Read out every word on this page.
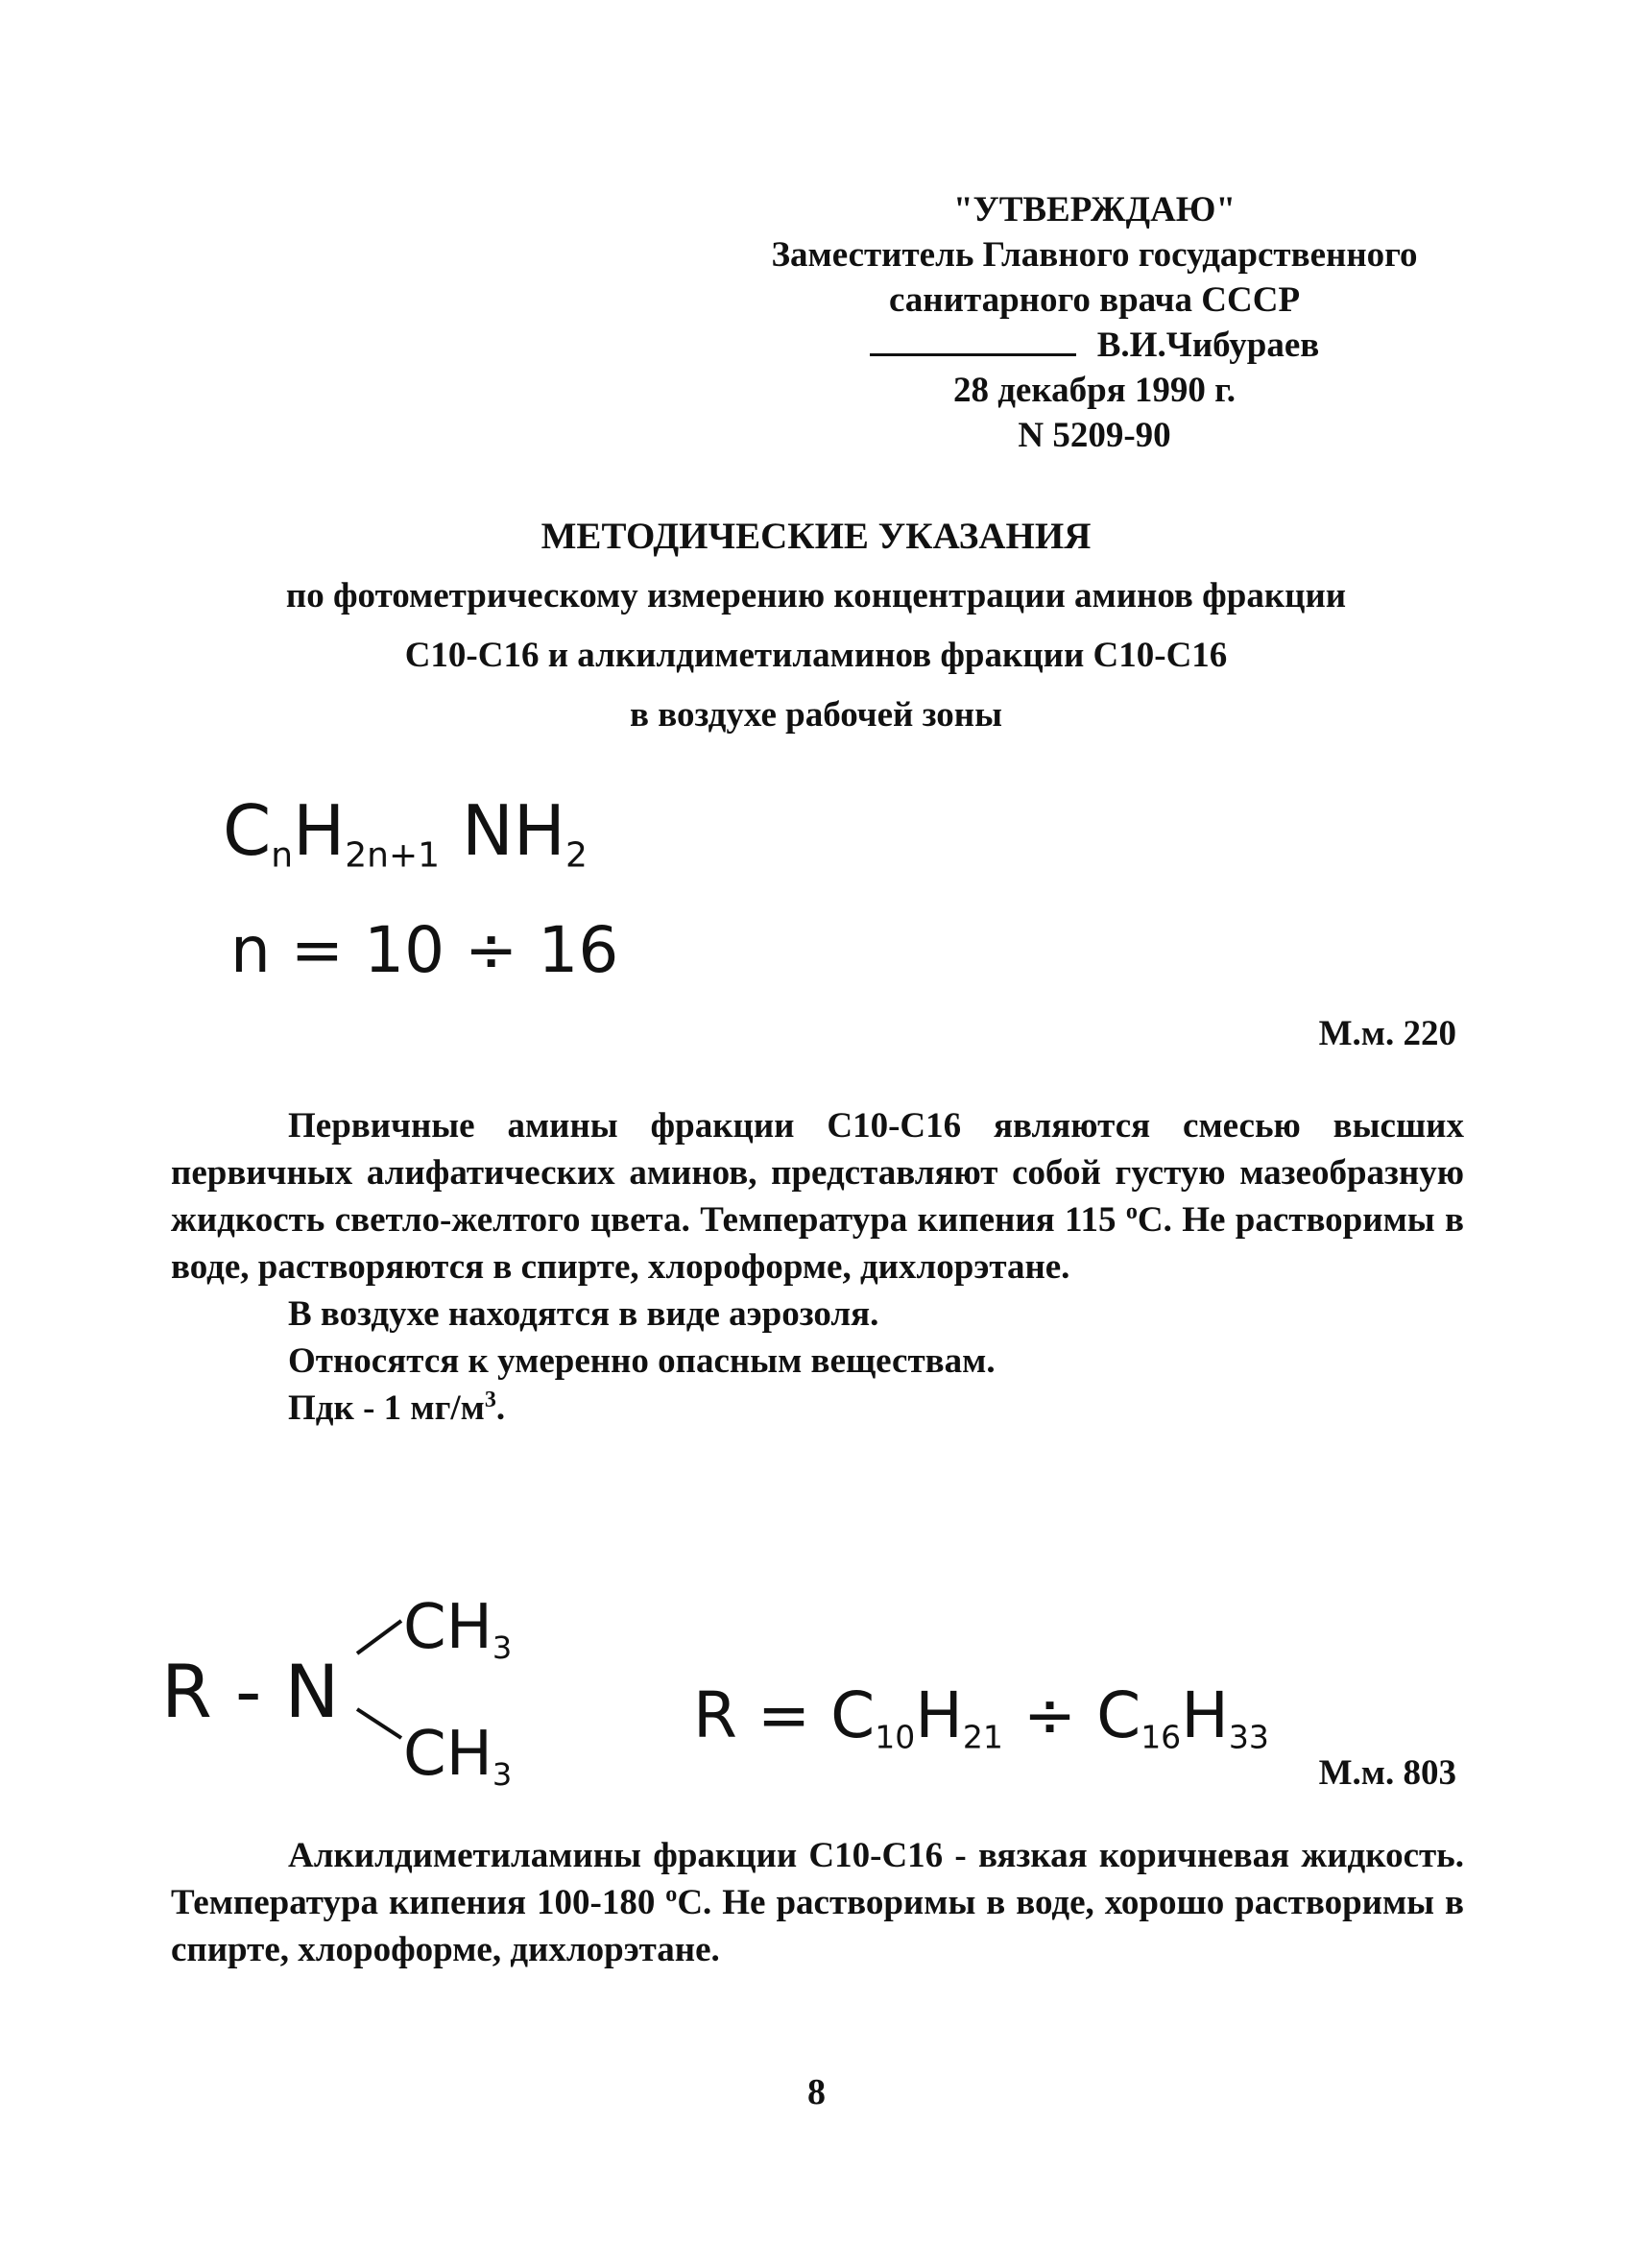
"УТВЕРЖДАЮ"
Заместитель Главного государственного
санитарного врача СССР
В.И.Чибураев
28 декабря 1990 г.
N 5209-90
МЕТОДИЧЕСКИЕ УКАЗАНИЯ
по фотометрическому измерению концентрации аминов фракции
C10-C16 и алкилдиметиламинов фракции C10-C16
в воздухе рабочей зоны
$C_nH_{2n+1}$ $NH_2$
n = 10 ÷ 16
М.м. 220

Первичные амины фракции C10-C16 являются смесью высших первичных алифатических аминов, представляют собой густую мазеобразную жидкость светло-желтого цвета. Температура кипения 115 $^o$С. Не растворимы в воде, растворяются в спирте, хлороформе, дихлорэтане.

В воздухе находятся в виде аэрозоля.

Относятся к умеренно опасным веществам.

Пдк - 1 $мг/м^3$.

R - N
$CH_3$
$CH_3$
$R = C_{10}H_{21} \div C_{16}H_{33}$
М.м. 803

Алкилдиметиламины фракции C10-C16 - вязкая коричневая жидкость. Температура кипения 100-180 $^o$С. Не растворимы в воде, хорошо растворимы в спирте, хлороформе, дихлорэтане.

8
